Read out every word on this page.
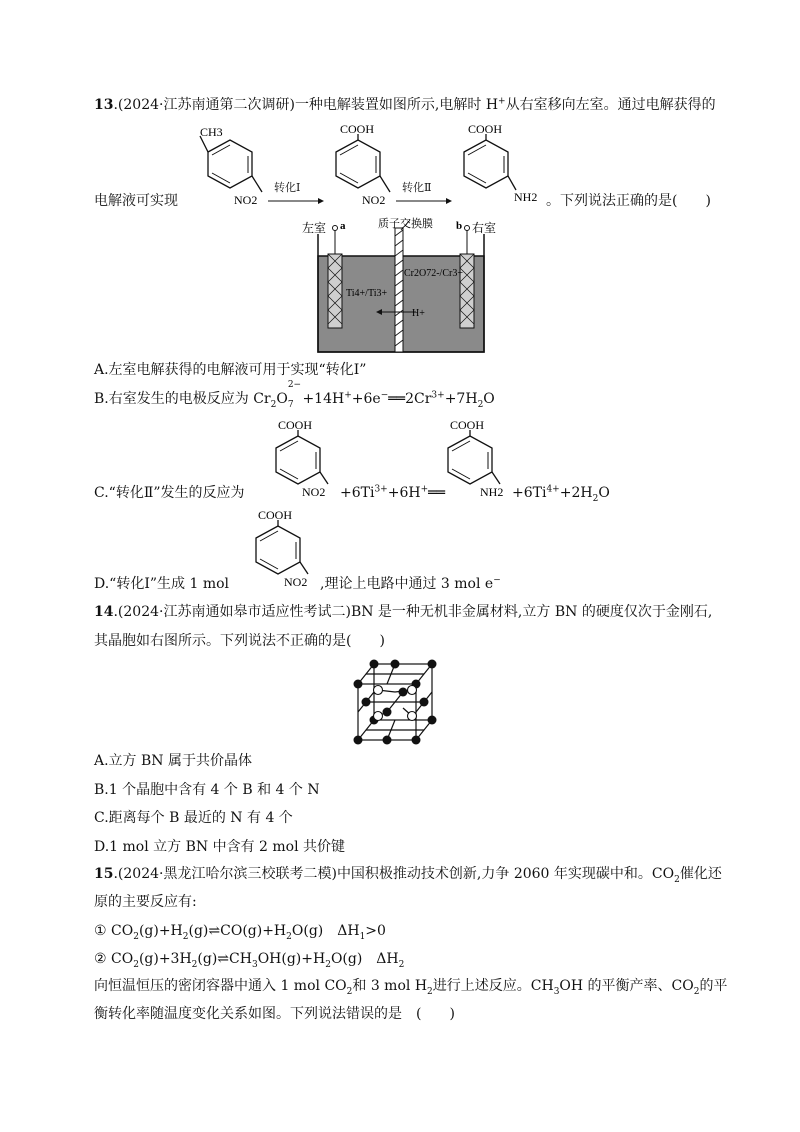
13.(2024·江苏南通第二次调研)一种电解装置如图所示,电解时 H+从右室移向左室。通过电解获得的
CH3
NO2
电解液可实现
转化Ⅰ
COOH
NO2
转化Ⅱ
COOH
NH2 。下列说法正确的是(　　)
左室 a	质子交换膜 b 右室
Ti4+/Ti3+
Cr2O72-/Cr3+
H+
A.左室电解获得的电解液可用于实现“转化Ⅰ”
B.右室发生的电极反应为 $Cr_2O$
2−
$_7 +14H^++6e^-══2Cr^{3+}+7H_2O$
COOH
NO2
COOH
NH2
C.“转化Ⅱ”发生的反应为	$+6Ti^{3+}+6H^+══$	$+6Ti^{4+}+2H_2O$
COOH
NO2
D.“转化Ⅰ”生成 1 mol	,理论上电路中通过 3 mol e−
14.(2024·江苏南通如皋市适应性考试二)BN 是一种无机非金属材料,立方 BN 的硬度仅次于金刚石,
其晶胞如右图所示。下列说法不正确的是(　　)
A.立方 BN 属于共价晶体
B.1 个晶胞中含有 4 个 B 和 4 个 N
C.距离每个 B 最近的 N 有 4 个
D.1 mol 立方 BN 中含有 2 mol 共价键
15.(2024·黑龙江哈尔滨三校联考二模)中国积极推动技术创新,力争 2060 年实现碳中和。$CO_2$催化还
原的主要反应有:
① $CO_2(g)+H_2(g)\rightleftharpoons CO(g)+H_2O(g)$　$\Delta H_1>0$
② $CO_2(g)+3H_2(g)\rightleftharpoons CH_3OH(g)+H_2O(g)$　$\Delta H_2$
向恒温恒压的密闭容器中通入 1 mol $CO_2$和 3 mol $H_2$进行上述反应。$CH_3OH$ 的平衡产率、$CO_2$的平
衡转化率随温度变化关系如图。下列说法错误的是　(　　)
